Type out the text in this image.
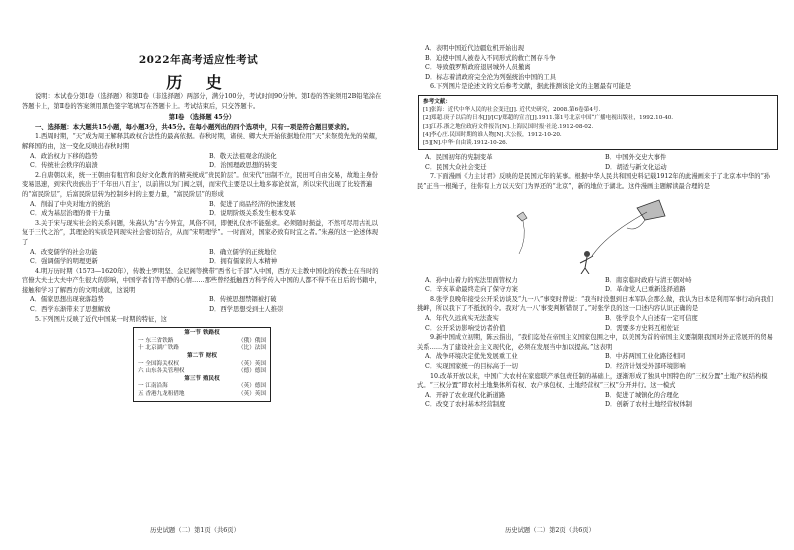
2022年高考适应性考试
历 史

说明：本试卷分第Ⅰ卷（选择题）和第Ⅱ卷（非选择题）两部分，满分100分，考试时间90分钟。第Ⅰ卷的答案须用2B铅笔涂在答题卡上，第Ⅱ卷的答案须用黑色签字笔填写在答题卡上。考试结束后，只交答题卡。

第Ⅰ卷 （选择题 45分）

一、选择题：本大题共15小题，每小题3分，共45分。在每小题列出的四个选项中，只有一项是符合题目要求的。

1.西周时期，“天”成为周王解释其政权合法性的最高依据。春秋时期，诸侯、卿大夫开始依据地位用“天”来祭奠先先的荣耀，解释国的由，这一变化反映出春秋时期

A．政治权力下移的趋势	B．敬天法祖观念的淡化

C．传统社会秩序的崩溃	D．治国理政思想的转变

2.自唐朝以来，统一王朝由有租官和良好文化教育的精英统成“贵民阶层”。但宋代“田制不立，民田可自由交易，故地主身份变易迅速，到宋代贵族出于‘千年田八百主’，以前皆以为门阀之别，而宋代主要是以土地多寡论贫富，所以宋代出现了比较普遍的“富民阶层”，后富民阶层转为控制乡村的主要力量，“富民阶层”的形成

A．削弱了中央对地方的统治	B．促进了商品经济的快速发展

C．成为基层治理的骨干力量	D．说明阶级关系发生根本变革

3.关于宋与现实社会的关系问题，朱熹认为“古今异宜，风俗不同，即便礼仪亦不能强求。必须随时损益，不然可尽用古礼以复于三代之治”，其理论的实质是同现实社会密切结合，从而“宋明理学”。一时面对，国家必致有时宜之者。”朱熹的这一论述体现了

A．改变儒学的社会功能	B．确立儒学的正统地位

C．强调儒学的明理更新	D．拥有儒家的人本精神

4.明万历时期（1573—1620年），传教士罗明坚、金尼阁等携带“西书七千部”入中国，西方天主教中国化的传教士在当时的官僚大夫士大夫中产生很大的影响，中国学者们等平静的心情……那些曾经抵触西方科学传入中国的人都不得不在日后的书籍中，接触和学习了解西方的文明成就，这说明

A．儒家思想出现衰落趋势	B．传统思想禁锢被打破

C．西学东渐带来了思想解放	D．西学思想受到士人推崇

5.下列图片反映了近代中国某一时期的特征，这

第一节 铁路权
一 东三省铁路	（俄）俄国
十 北京湖广铁路	（比）法国
第二节 财权
一 全国海关权权	（英）英国
六 山东各关管理权	（德）德国
第三节 殖民权
一 江南沿海	（英）德国
五 香港九龙租借地	（英）英国
历史试题（二）第1页（共6页）

A．表明中国近代边疆危机开始出现

B．迫使中国人被卷入不同形式的救亡图存斗争

C．导致俄罗斯政府退居城外人员撤离

D．标志着清政府完全沦为列强统治中国的工具

6.下列图片是论述文的文后参考文献，据此推测该论文的主题最有可能是

参考文献：
[1]张海：近代中华人民的社会变迁[J]. 近代史研究，2008.第6卷第4号.
[2]郑超.庚子以后的日本[J]/[C]/郑超的宣言[J].1911.第1号北京中国“广播电视出版社，1992.10-40.
[3]江苏.浙之地位政府文件报告[N].上海民国时报·社论.1912-08-02.
[4]李心庄.民国时期的谁人物[N].大公报，1912-10-20.
[5][N].中华·自由谈.1912-10-26.

A．民国初年的宪制变革	B．中国外交史大事件

C．民国大众社会变迁	D．胡适与新文化运动

7.下面漫画《力主讨君》反映的是民国元年的某事。根据中华人民共和国史料记载1912年的此漫画来于了北京本中华的“孙民”正当一根绳子，往你有上方以天安门为界还的“北京”，新的地位于湖北。这件漫画主题解读最合理的是

A．孙中山着力的宪法里面管权力	B．南京临时政府与清王朝对峙

C．辛亥革命最终走向了保守方案	D．革命党人已重新选择道路

8.张学良晚年接受公开采访谈及“九一八”事变时曾说：“我当时没想到日本军队会那么做，我认为日本是利用军事行动向我们挑衅，所以我下了不抵抗的令。我对‘九一八’事变判断错误了。”对张学良的这一口述内容认识正确的是

A．年代久远真实无法查实	B．张学良个人自述有一定可信度

C．公开采访影响受访者价值	D．需要多方史料互相佐证

9.新中国成立初期，陈云指出，“我们迄处在帝国主义国家包围之中，以美国为首的帝国主义要制限我国对外正常展开的贸易关系……为了建设社会主义现代化，必须在发展当中加以提高。”这表明

A．战争环境决定优先发展重工业	B．中苏两国工业化路径相同

C．实现国家统一的目标高于一切	D．经济计划受外部环境影响

10.改革开放以来，中国广大农村在家庭联产承包责任制的基础上，逐渐形成了独具中国特色的“三权分置”土地产权结构模式。“三权分置”即农村土地集体所有权、农户承包权、土地经营权“三权”分开并行。这一模式

A．开辟了农业现代化新道路	B．促进了城镇化的合理化

C．改变了农村基本经营制度	D．创新了农村土地经营权体制

历史试题（二）第2页（共6页）
